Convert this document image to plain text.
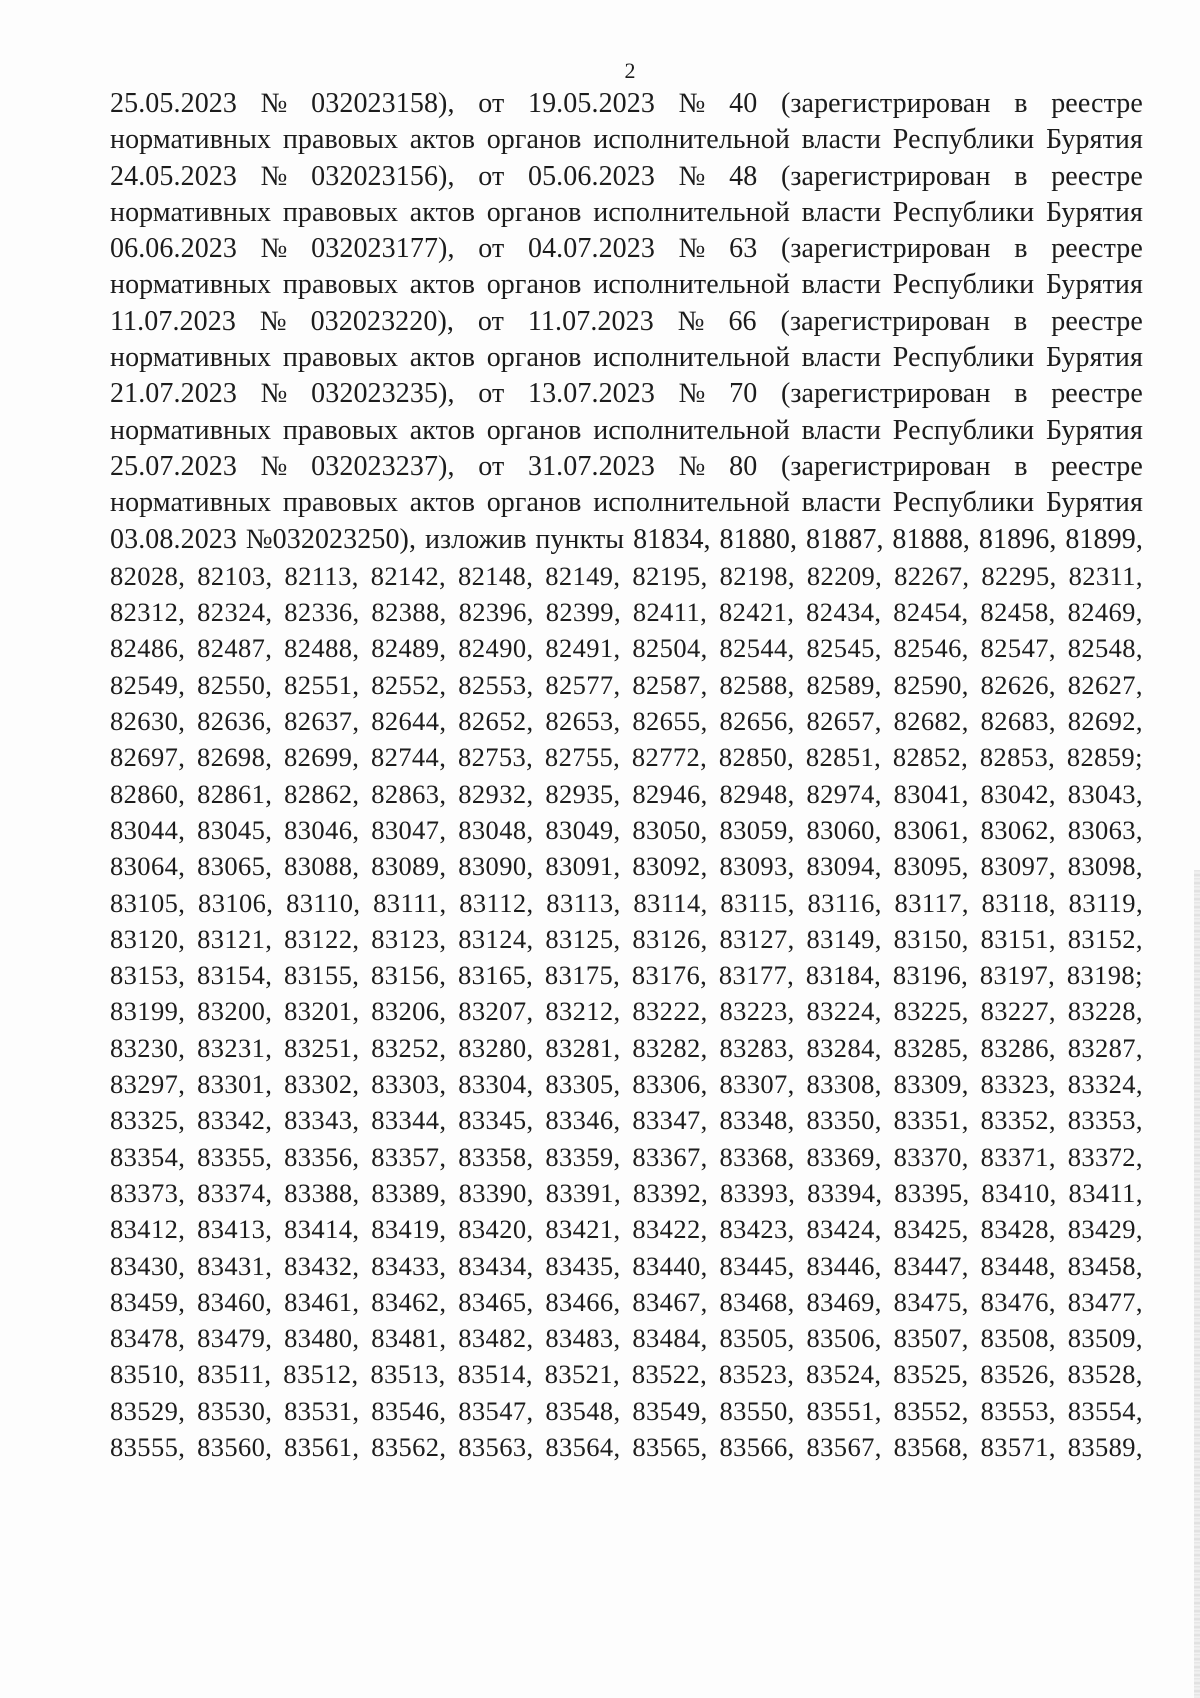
2
25.05.2023 № 032023158), от 19.05.2023 № 40 (зарегистрирован в реестре
нормативных правовых актов органов исполнительной власти Республики Бурятия
24.05.2023 № 032023156), от 05.06.2023 № 48 (зарегистрирован в реестре
нормативных правовых актов органов исполнительной власти Республики Бурятия
06.06.2023 № 032023177), от 04.07.2023 № 63 (зарегистрирован в реестре
нормативных правовых актов органов исполнительной власти Республики Бурятия
11.07.2023 № 032023220), от 11.07.2023 № 66 (зарегистрирован в реестре
нормативных правовых актов органов исполнительной власти Республики Бурятия
21.07.2023 № 032023235), от 13.07.2023 № 70 (зарегистрирован в реестре
нормативных правовых актов органов исполнительной власти Республики Бурятия
25.07.2023 № 032023237), от 31.07.2023 № 80 (зарегистрирован в реестре
нормативных правовых актов органов исполнительной власти Республики Бурятия
03.08.2023 №032023250), изложив пункты 81834, 81880, 81887, 81888, 81896, 81899,
82028, 82103, 82113, 82142, 82148, 82149, 82195, 82198, 82209, 82267, 82295, 82311,
82312, 82324, 82336, 82388, 82396, 82399, 82411, 82421, 82434, 82454, 82458, 82469,
82486, 82487, 82488, 82489, 82490, 82491, 82504, 82544, 82545, 82546, 82547, 82548,
82549, 82550, 82551, 82552, 82553, 82577, 82587, 82588, 82589, 82590, 82626, 82627,
82630, 82636, 82637, 82644, 82652, 82653, 82655, 82656, 82657, 82682, 82683, 82692,
82697, 82698, 82699, 82744, 82753, 82755, 82772, 82850, 82851, 82852, 82853, 82859;
82860, 82861, 82862, 82863, 82932, 82935, 82946, 82948, 82974, 83041, 83042, 83043,
83044, 83045, 83046, 83047, 83048, 83049, 83050, 83059, 83060, 83061, 83062, 83063,
83064, 83065, 83088, 83089, 83090, 83091, 83092, 83093, 83094, 83095, 83097, 83098,
83105, 83106, 83110, 83111, 83112, 83113, 83114, 83115, 83116, 83117, 83118, 83119,
83120, 83121, 83122, 83123, 83124, 83125, 83126, 83127, 83149, 83150, 83151, 83152,
83153, 83154, 83155, 83156, 83165, 83175, 83176, 83177, 83184, 83196, 83197, 83198;
83199, 83200, 83201, 83206, 83207, 83212, 83222, 83223, 83224, 83225, 83227, 83228,
83230, 83231, 83251, 83252, 83280, 83281, 83282, 83283, 83284, 83285, 83286, 83287,
83297, 83301, 83302, 83303, 83304, 83305, 83306, 83307, 83308, 83309, 83323, 83324,
83325, 83342, 83343, 83344, 83345, 83346, 83347, 83348, 83350, 83351, 83352, 83353,
83354, 83355, 83356, 83357, 83358, 83359, 83367, 83368, 83369, 83370, 83371, 83372,
83373, 83374, 83388, 83389, 83390, 83391, 83392, 83393, 83394, 83395, 83410, 83411,
83412, 83413, 83414, 83419, 83420, 83421, 83422, 83423, 83424, 83425, 83428, 83429,
83430, 83431, 83432, 83433, 83434, 83435, 83440, 83445, 83446, 83447, 83448, 83458,
83459, 83460, 83461, 83462, 83465, 83466, 83467, 83468, 83469, 83475, 83476, 83477,
83478, 83479, 83480, 83481, 83482, 83483, 83484, 83505, 83506, 83507, 83508, 83509,
83510, 83511, 83512, 83513, 83514, 83521, 83522, 83523, 83524, 83525, 83526, 83528,
83529, 83530, 83531, 83546, 83547, 83548, 83549, 83550, 83551, 83552, 83553, 83554,
83555, 83560, 83561, 83562, 83563, 83564, 83565, 83566, 83567, 83568, 83571, 83589,
